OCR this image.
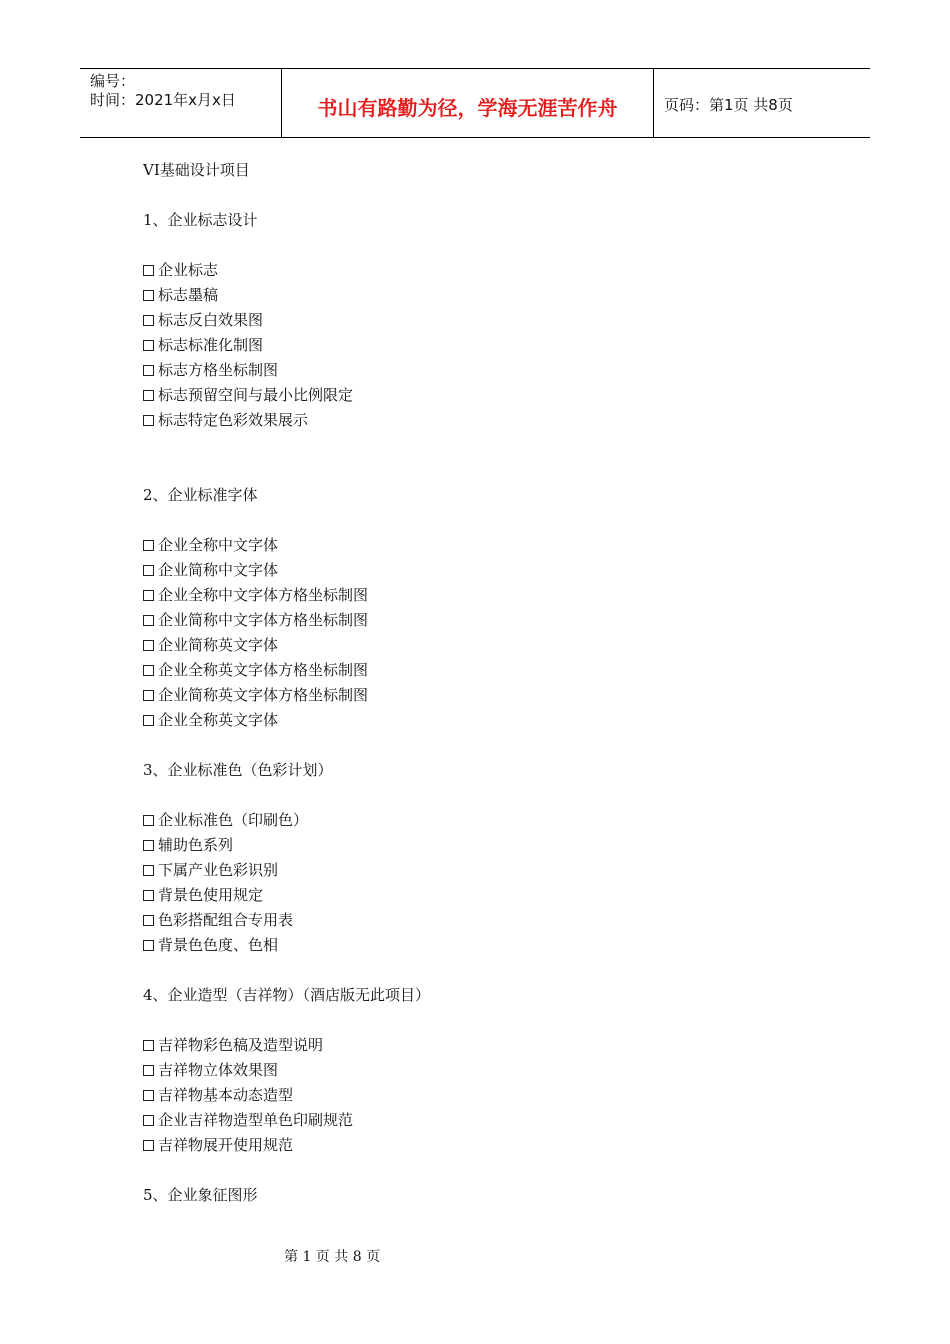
编号：
时间：2021年x月x日	书山有路勤为径，学海无涯苦作舟	页码：第1页 共8页
VI基础设计项目
1、企业标志设计
企业标志
标志墨稿
标志反白效果图
标志标准化制图
标志方格坐标制图
标志预留空间与最小比例限定
标志特定色彩效果展示
2、企业标准字体
企业全称中文字体
企业简称中文字体
企业全称中文字体方格坐标制图
企业简称中文字体方格坐标制图
企业简称英文字体
企业全称英文字体方格坐标制图
企业简称英文字体方格坐标制图
企业全称英文字体
3、企业标准色（色彩计划）
企业标准色（印刷色）
辅助色系列
下属产业色彩识别
背景色使用规定
色彩搭配组合专用表
背景色色度、色相
4、企业造型（吉祥物）（酒店版无此项目）
吉祥物彩色稿及造型说明
吉祥物立体效果图
吉祥物基本动态造型
企业吉祥物造型单色印刷规范
吉祥物展开使用规范
5、企业象征图形
第 1 页 共 8 页
